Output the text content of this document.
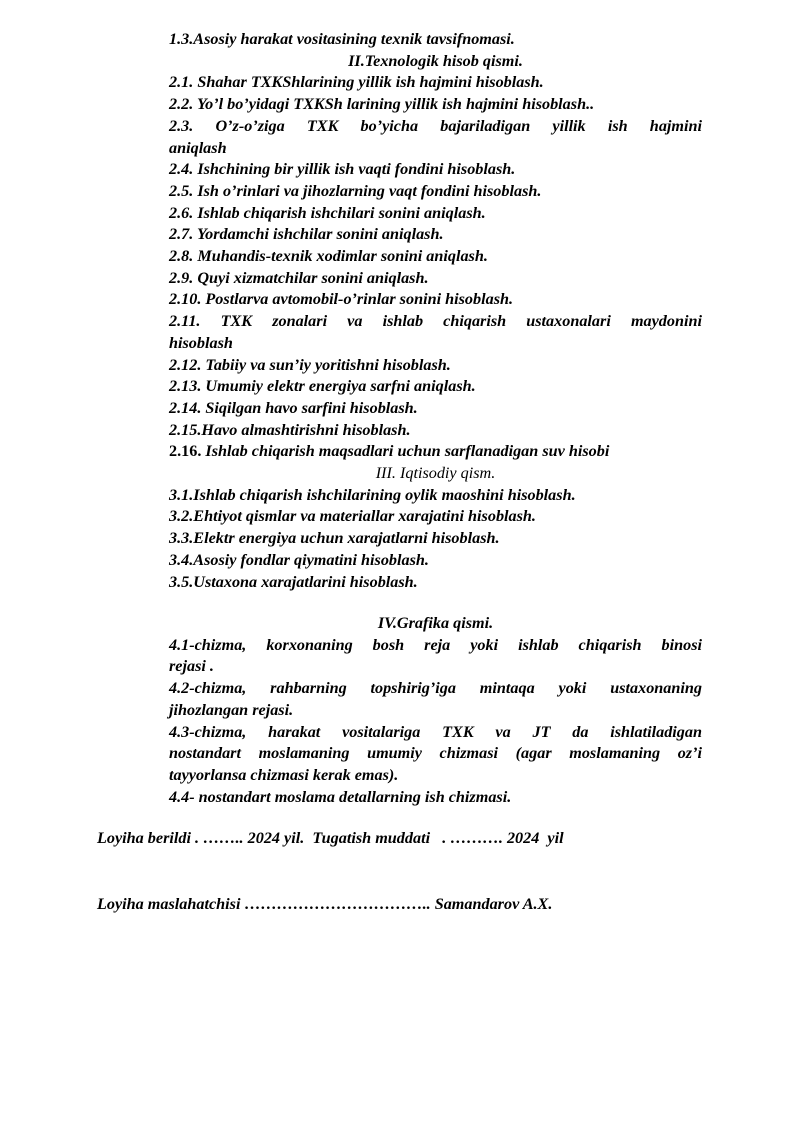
1.3.Asosiy harakat vositasining texnik tavsifnomasi.
II.Texnologik hisob qismi.
2.1. Shahar TXKShlarining yillik ish hajmini hisoblash.
2.2. Yo’l bo’yidagi TXKSh larining yillik ish hajmini hisoblash..
2.3. O’z-o’ziga TXK bo’yicha bajariladigan yillik ish hajmini
aniqlash
2.4. Ishchining bir yillik ish vaqti fondini hisoblash.
2.5. Ish o’rinlari va jihozlarning vaqt fondini hisoblash.
2.6. Ishlab chiqarish ishchilari sonini aniqlash.
2.7. Yordamchi ishchilar sonini aniqlash.
2.8. Muhandis-texnik xodimlar sonini aniqlash.
2.9. Quyi xizmatchilar sonini aniqlash.
2.10. Postlarva avtomobil-o’rinlar sonini hisoblash.
2.11. TXK zonalari va ishlab chiqarish ustaxonalari maydonini
hisoblash
2.12. Tabiiy va sun’iy yoritishni hisoblash.
2.13. Umumiy elektr energiya sarfni aniqlash.
2.14. Siqilgan havo sarfini hisoblash.
2.15.Havo almashtirishni hisoblash.
2.16. Ishlab chiqarish maqsadlari uchun sarflanadigan suv hisobi
III. Iqtisodiy qism.
3.1.Ishlab chiqarish ishchilarining oylik maoshini hisoblash.
3.2.Ehtiyot qismlar va materiallar xarajatini hisoblash.
3.3.Elektr energiya uchun xarajatlarni hisoblash.
3.4.Asosiy fondlar qiymatini hisoblash.
3.5.Ustaxona xarajatlarini hisoblash.
IV.Grafika qismi.
4.1-chizma, korxonaning bosh reja yoki ishlab chiqarish binosi
rejasi .
4.2-chizma, rahbarning topshirig’iga mintaqa yoki ustaxonaning
jihozlangan rejasi.
4.3-chizma, harakat vositalariga TXK va JT da ishlatiladigan
nostandart moslamaning umumiy chizmasi (agar moslamaning oz’i
tayyorlansa chizmasi kerak emas).
4.4- nostandart moslama detallarning ish chizmasi.
Loyiha berildi . …….. 2024 yil.  Tugatish muddati   . ………. 2024  yil
Loyiha maslahatchisi …………………………….. Samandarov A.X.
